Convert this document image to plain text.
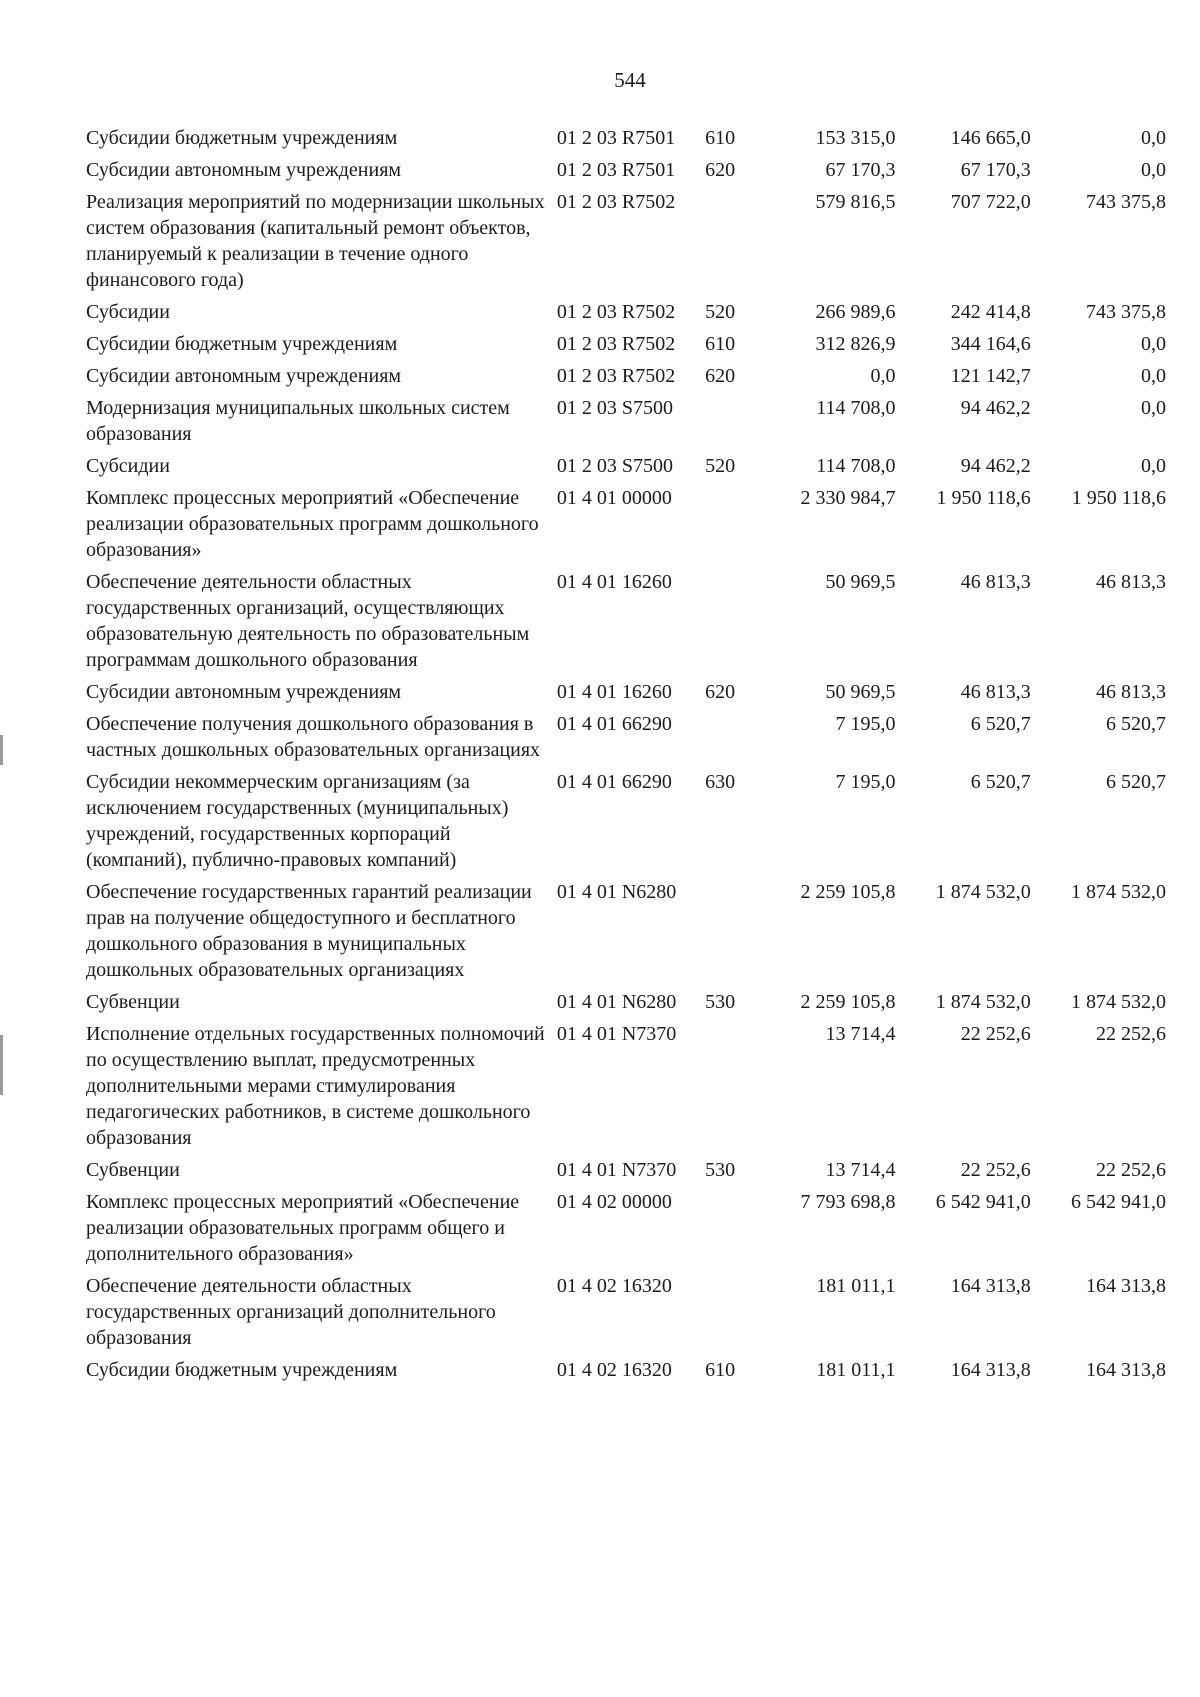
544
Субсидии бюджетным учреждениям	01 2 03 R7501	610	153 315,0	146 665,0	0,0
Субсидии автономным учреждениям	01 2 03 R7501	620	67 170,3	67 170,3	0,0
Реализация мероприятий по модернизации школьных систем образования (капитальный ремонт объектов, планируемый к реализации в течение одного финансового года)	01 2 03 R7502		579 816,5	707 722,0	743 375,8
Субсидии	01 2 03 R7502	520	266 989,6	242 414,8	743 375,8
Субсидии бюджетным учреждениям	01 2 03 R7502	610	312 826,9	344 164,6	0,0
Субсидии автономным учреждениям	01 2 03 R7502	620	0,0	121 142,7	0,0
Модернизация муниципальных школьных систем образования	01 2 03 S7500		114 708,0	94 462,2	0,0
Субсидии	01 2 03 S7500	520	114 708,0	94 462,2	0,0
Комплекс процессных мероприятий «Обеспечение реализации образовательных программ дошкольного образования»	01 4 01 00000		2 330 984,7	1 950 118,6	1 950 118,6
Обеспечение деятельности областных государственных организаций, осуществляющих образовательную деятельность по образовательным программам дошкольного образования	01 4 01 16260		50 969,5	46 813,3	46 813,3
Субсидии автономным учреждениям	01 4 01 16260	620	50 969,5	46 813,3	46 813,3
Обеспечение получения дошкольного образования в частных дошкольных образовательных организациях	01 4 01 66290		7 195,0	6 520,7	6 520,7
Субсидии некоммерческим организациям (за исключением государственных (муниципальных) учреждений, государственных корпораций (компаний), публично-правовых компаний)	01 4 01 66290	630	7 195,0	6 520,7	6 520,7
Обеспечение государственных гарантий реализации прав на получение общедоступного и бесплатного дошкольного образования в муниципальных дошкольных образовательных организациях	01 4 01 N6280		2 259 105,8	1 874 532,0	1 874 532,0
Субвенции	01 4 01 N6280	530	2 259 105,8	1 874 532,0	1 874 532,0
Исполнение отдельных государственных полномочий по осуществлению выплат, предусмотренных дополнительными мерами стимулирования педагогических работников, в системе дошкольного образования	01 4 01 N7370		13 714,4	22 252,6	22 252,6
Субвенции	01 4 01 N7370	530	13 714,4	22 252,6	22 252,6
Комплекс процессных мероприятий «Обеспечение реализации образовательных программ общего и дополнительного образования»	01 4 02 00000		7 793 698,8	6 542 941,0	6 542 941,0
Обеспечение деятельности областных государственных организаций дополнительного образования	01 4 02 16320		181 011,1	164 313,8	164 313,8
Субсидии бюджетным учреждениям	01 4 02 16320	610	181 011,1	164 313,8	164 313,8
